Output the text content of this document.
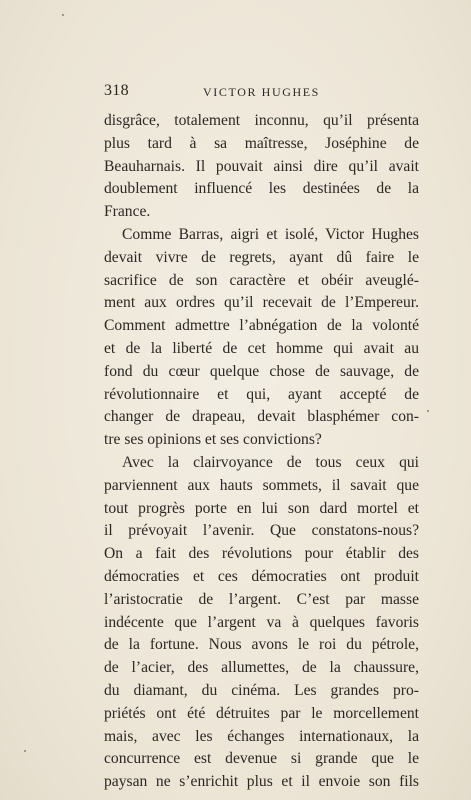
318	VICTOR HUGHES

disgrâce, totalement inconnu, qu’il présenta
plus tard à sa maîtresse, Joséphine de
Beauharnais. Il pouvait ainsi dire qu’il avait
doublement influencé les destinées de la
France.

Comme Barras, aigri et isolé, Victor Hughes
devait vivre de regrets, ayant dû faire le
sacrifice de son caractère et obéir aveuglé-
ment aux ordres qu’il recevait de l’Empereur.
Comment admettre l’abnégation de la volonté
et de la liberté de cet homme qui avait au
fond du cœur quelque chose de sauvage, de
révolutionnaire et qui, ayant accepté de
changer de drapeau, devait blasphémer con-
tre ses opinions et ses convictions?

Avec la clairvoyance de tous ceux qui
parviennent aux hauts sommets, il savait que
tout progrès porte en lui son dard mortel et
il prévoyait l’avenir. Que constatons-nous?
On a fait des révolutions pour établir des
démocraties et ces démocraties ont produit
l’aristocratie de l’argent. C’est par masse
indécente que l’argent va à quelques favoris
de la fortune. Nous avons le roi du pétrole,
de l’acier, des allumettes, de la chaussure,
du diamant, du cinéma. Les grandes pro-
priétés ont été détruites par le morcellement
mais, avec les échanges internationaux, la
concurrence est devenue si grande que le
paysan ne s’enrichit plus et il envoie son fils
